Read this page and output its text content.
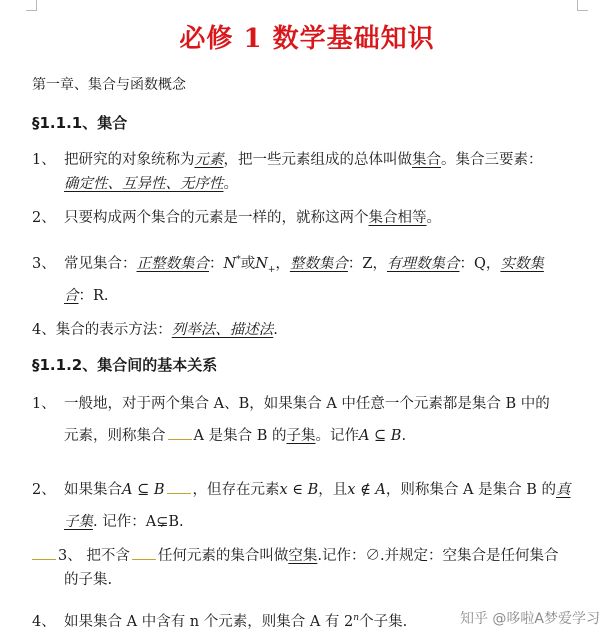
必修 1 数学基础知识
第一章、集合与函数概念
§1.1.1、集合
1、 把研究的对象统称为元素，把一些元素组成的总体叫做集合。集合三要素：
确定性、互异性、无序性。
2、 只要构成两个集合的元素是一样的，就称这两个集合相等。
3、 常见集合：正整数集合：N*或$N_+$，整数集合：Z，有理数集合：Q，实数集
合：R.
4、集合的表示方法：列举法、描述法.
§1.1.2、集合间的基本关系
1、 一般地，对于两个集合 A、B，如果集合 A 中任意一个元素都是集合 B 中的
元素，则称集合 A 是集合 B 的子集。记作A ⊆ B.
2、 如果集合A ⊆ B ，但存在元素x ∈ B，且x ∉ A，则称集合 A 是集合 B 的真
子集. 记作：A⊊B.
3、 把不含 任何元素的集合叫做空集.记作：∅.并规定：空集合是任何集合
的子集.
4、 如果集合 A 中含有 n 个元素，则集合 A 有 2$^n$个子集.	知乎 @哆啦A梦爱学习
